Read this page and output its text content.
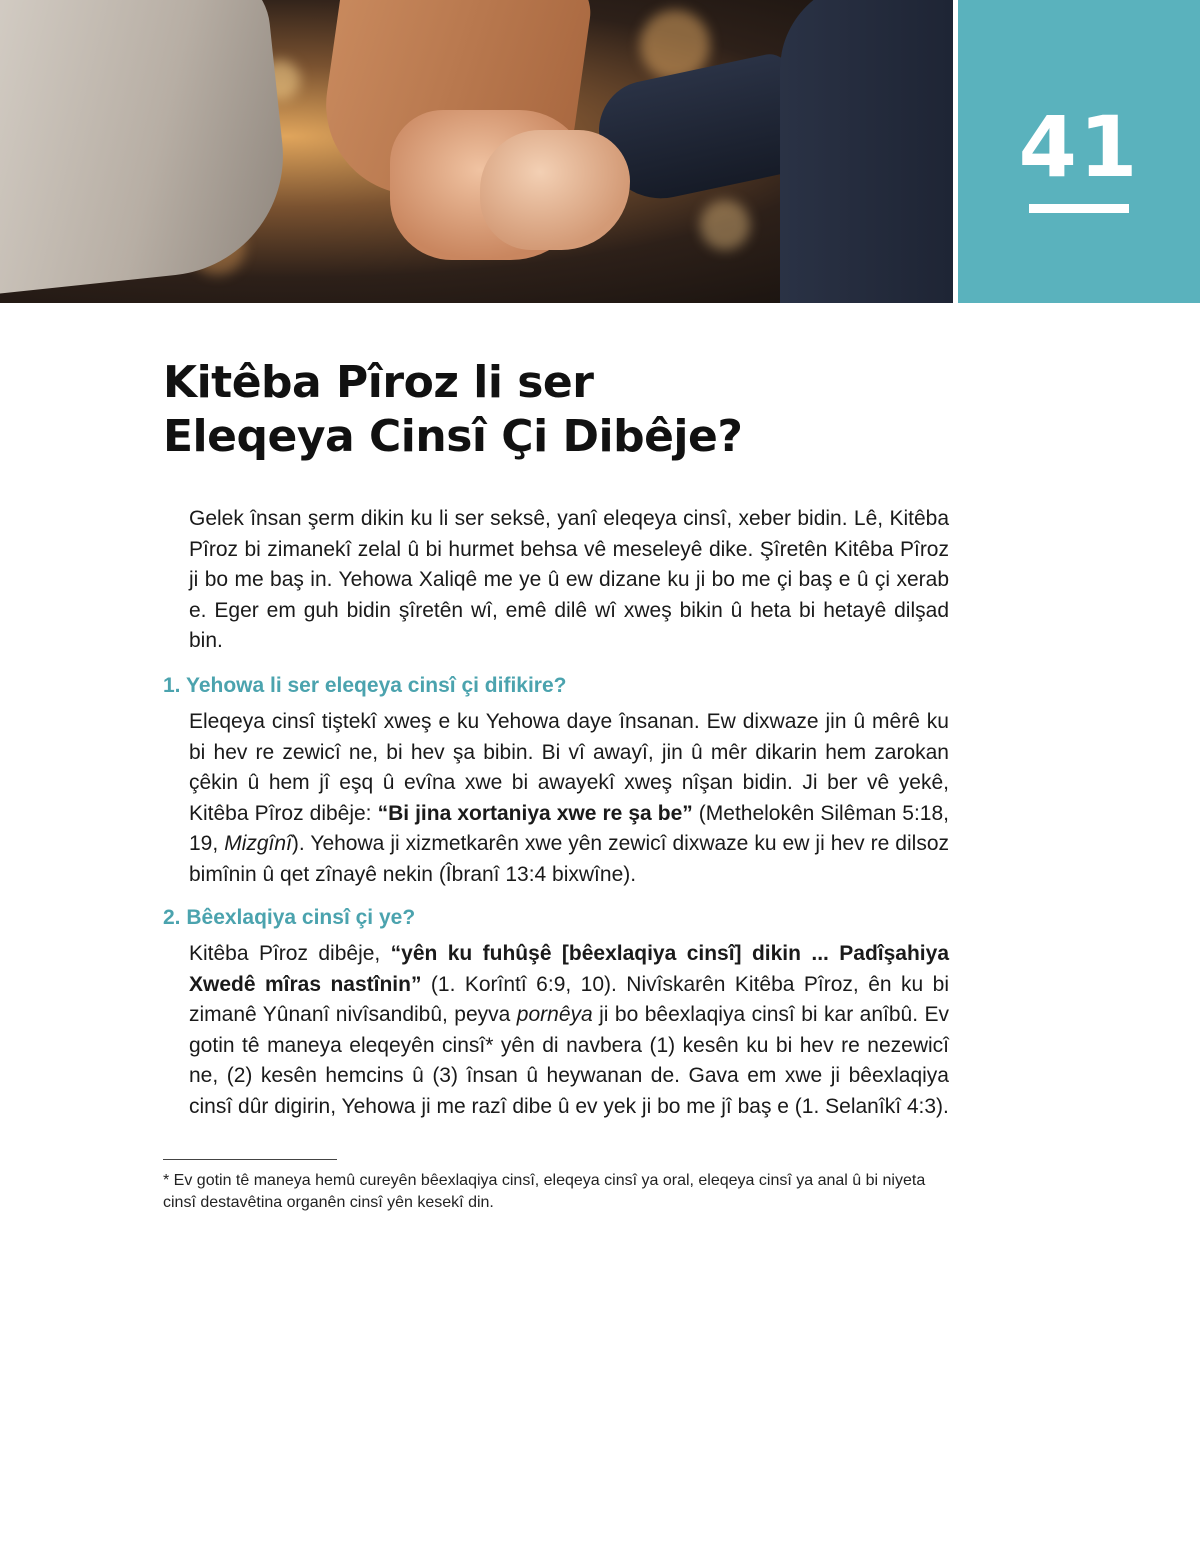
41
Kitêba Pîroz li ser
Eleqeya Cinsî Çi Dibêje?

Gelek însan şerm dikin ku li ser seksê, yanî eleqeya cinsî, xeber bidin. Lê, Kitêba Pîroz bi zimanekî zelal û bi hurmet behsa vê meseleyê dike. Şîretên Kitêba Pîroz ji bo me baş in. Yehowa Xaliqê me ye û ew dizane ku ji bo me çi baş e û çi xerab e. Eger em guh bidin şîretên wî, emê dilê wî xweş bikin û heta bi hetayê dilşad bin.

1. Yehowa li ser eleqeya cinsî çi difikire?

Eleqeya cinsî tiştekî xweş e ku Yehowa daye însanan. Ew dixwaze jin û mêrê ku bi hev re zewicî ne, bi hev şa bibin. Bi vî awayî, jin û mêr dikarin hem zarokan çêkin û hem jî eşq û evîna xwe bi awayekî xweş nîşan bidin. Ji ber vê yekê, Kitêba Pîroz dibêje: “Bi jina xortaniya xwe re şa be” (Methelokên Silêman 5:18, 19, Mizgînî). Yehowa ji xizmetkarên xwe yên zewicî dixwaze ku ew ji hev re dilsoz bimînin û qet zînayê nekin (Îbranî 13:4 bixwîne).

2. Bêexlaqiya cinsî çi ye?

Kitêba Pîroz dibêje, “yên ku fuhûşê [bêexlaqiya cinsî] dikin ... Padîşahiya Xwedê mîras nastînin” (1. Korîntî 6:9, 10). Nivîskarên Kitêba Pîroz, ên ku bi zimanê Yûnanî nivîsandibû, peyva pornêya ji bo bêexlaqiya cinsî bi kar anîbû. Ev gotin tê maneya eleqeyên cinsî* yên di navbera (1) kesên ku bi hev re nezewicî ne, (2) kesên hemcins û (3) însan û heywanan de. Gava em xwe ji bêexlaqiya cinsî dûr digirin, Yehowa ji me razî dibe û ev yek ji bo me jî baş e (1. Selanîkî 4:3).

* Ev gotin tê maneya hemû cureyên bêexlaqiya cinsî, eleqeya cinsî ya oral, eleqeya cinsî ya anal û bi niyeta cinsî destavêtina organên cinsî yên kesekî din.
